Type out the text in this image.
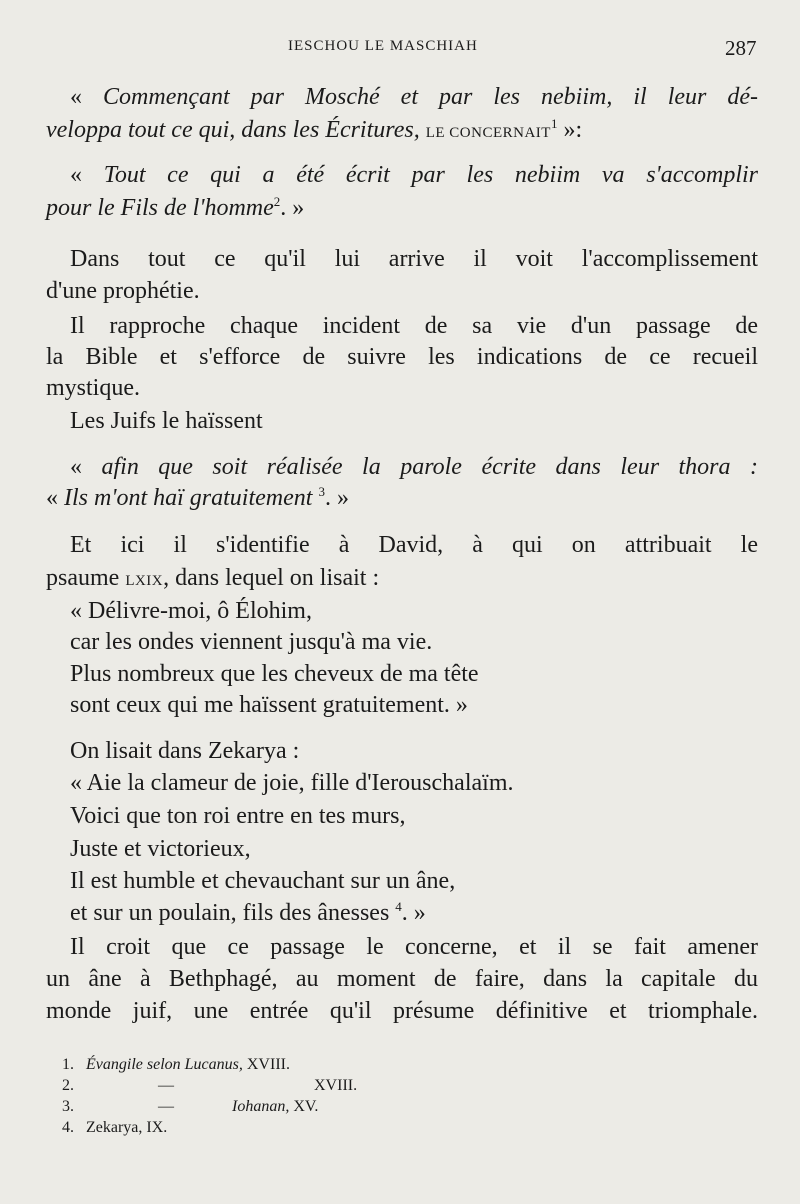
IESCHOU LE MASCHIAH	287
« Commençant par Mosché et par les nebiim, il leur dé-
veloppa tout ce qui, dans les Écritures, LE CONCERNAIT$^1$ »:
« Tout ce qui a été écrit par les nebiim va s'accomplir
pour le Fils de l'homme$^2$. »
Dans tout ce qu'il lui arrive il voit l'accomplissement
d'une prophétie.
Il rapproche chaque incident de sa vie d'un passage de
la Bible et s'efforce de suivre les indications de ce recueil
mystique.
Les Juifs le haïssent
« afin que soit réalisée la parole écrite dans leur thora :
« Ils m'ont haï gratuitement $^3$. »
Et ici il s'identifie à David, à qui on attribuait le
psaume LXIX, dans lequel on lisait :
« Délivre-moi, ô Élohim,
car les ondes viennent jusqu'à ma vie.
Plus nombreux que les cheveux de ma tête
sont ceux qui me haïssent gratuitement. »
On lisait dans Zekarya :
« Aie la clameur de joie, fille d'Ierouschalaïm.
Voici que ton roi entre en tes murs,
Juste et victorieux,
Il est humble et chevauchant sur un âne,
et sur un poulain, fils des ânesses $^4$. »
Il croit que ce passage le concerne, et il se fait amener
un âne à Bethphagé, au moment de faire, dans la capitale du
monde juif, une entrée qu'il présume définitive et triomphale.
1. Évangile selon Lucanus, XVIII.
2.	—	XVIII.
3.	—	Iohanan, XV.
4. Zekarya, IX.
